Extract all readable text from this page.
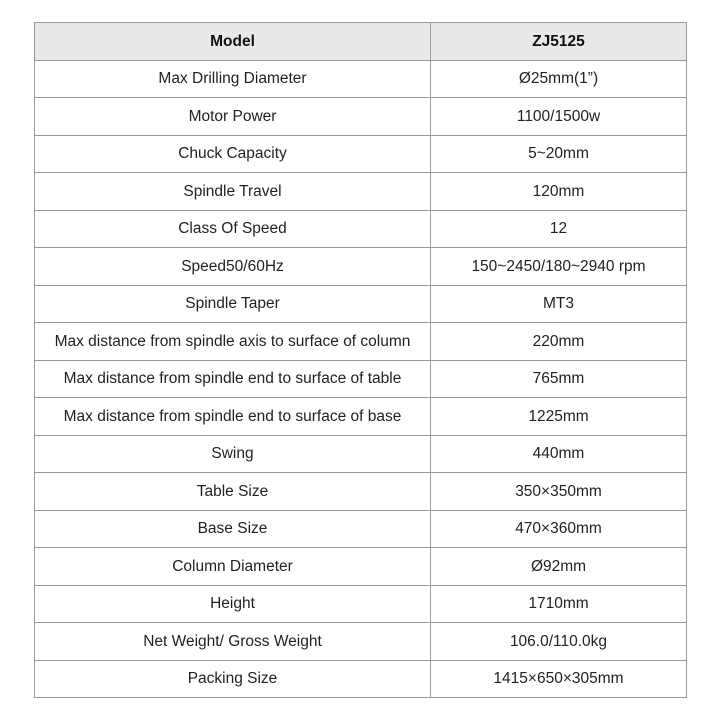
Model	ZJ5125
Max Drilling Diameter	Ø25mm(1”)
Motor Power	1100/1500w
Chuck Capacity	5~20mm
Spindle Travel	120mm
Class Of Speed	12
Speed50/60Hz	150~2450/180~2940 rpm
Spindle Taper	MT3
Max distance from spindle axis to surface of column	220mm
Max distance from spindle end to surface of table	765mm
Max distance from spindle end to surface of base	1225mm
Swing	440mm
Table Size	350×350mm
Base Size	470×360mm
Column Diameter	Ø92mm
Height	1710mm
Net Weight/ Gross Weight	106.0/110.0kg
Packing Size	1415×650×305mm
